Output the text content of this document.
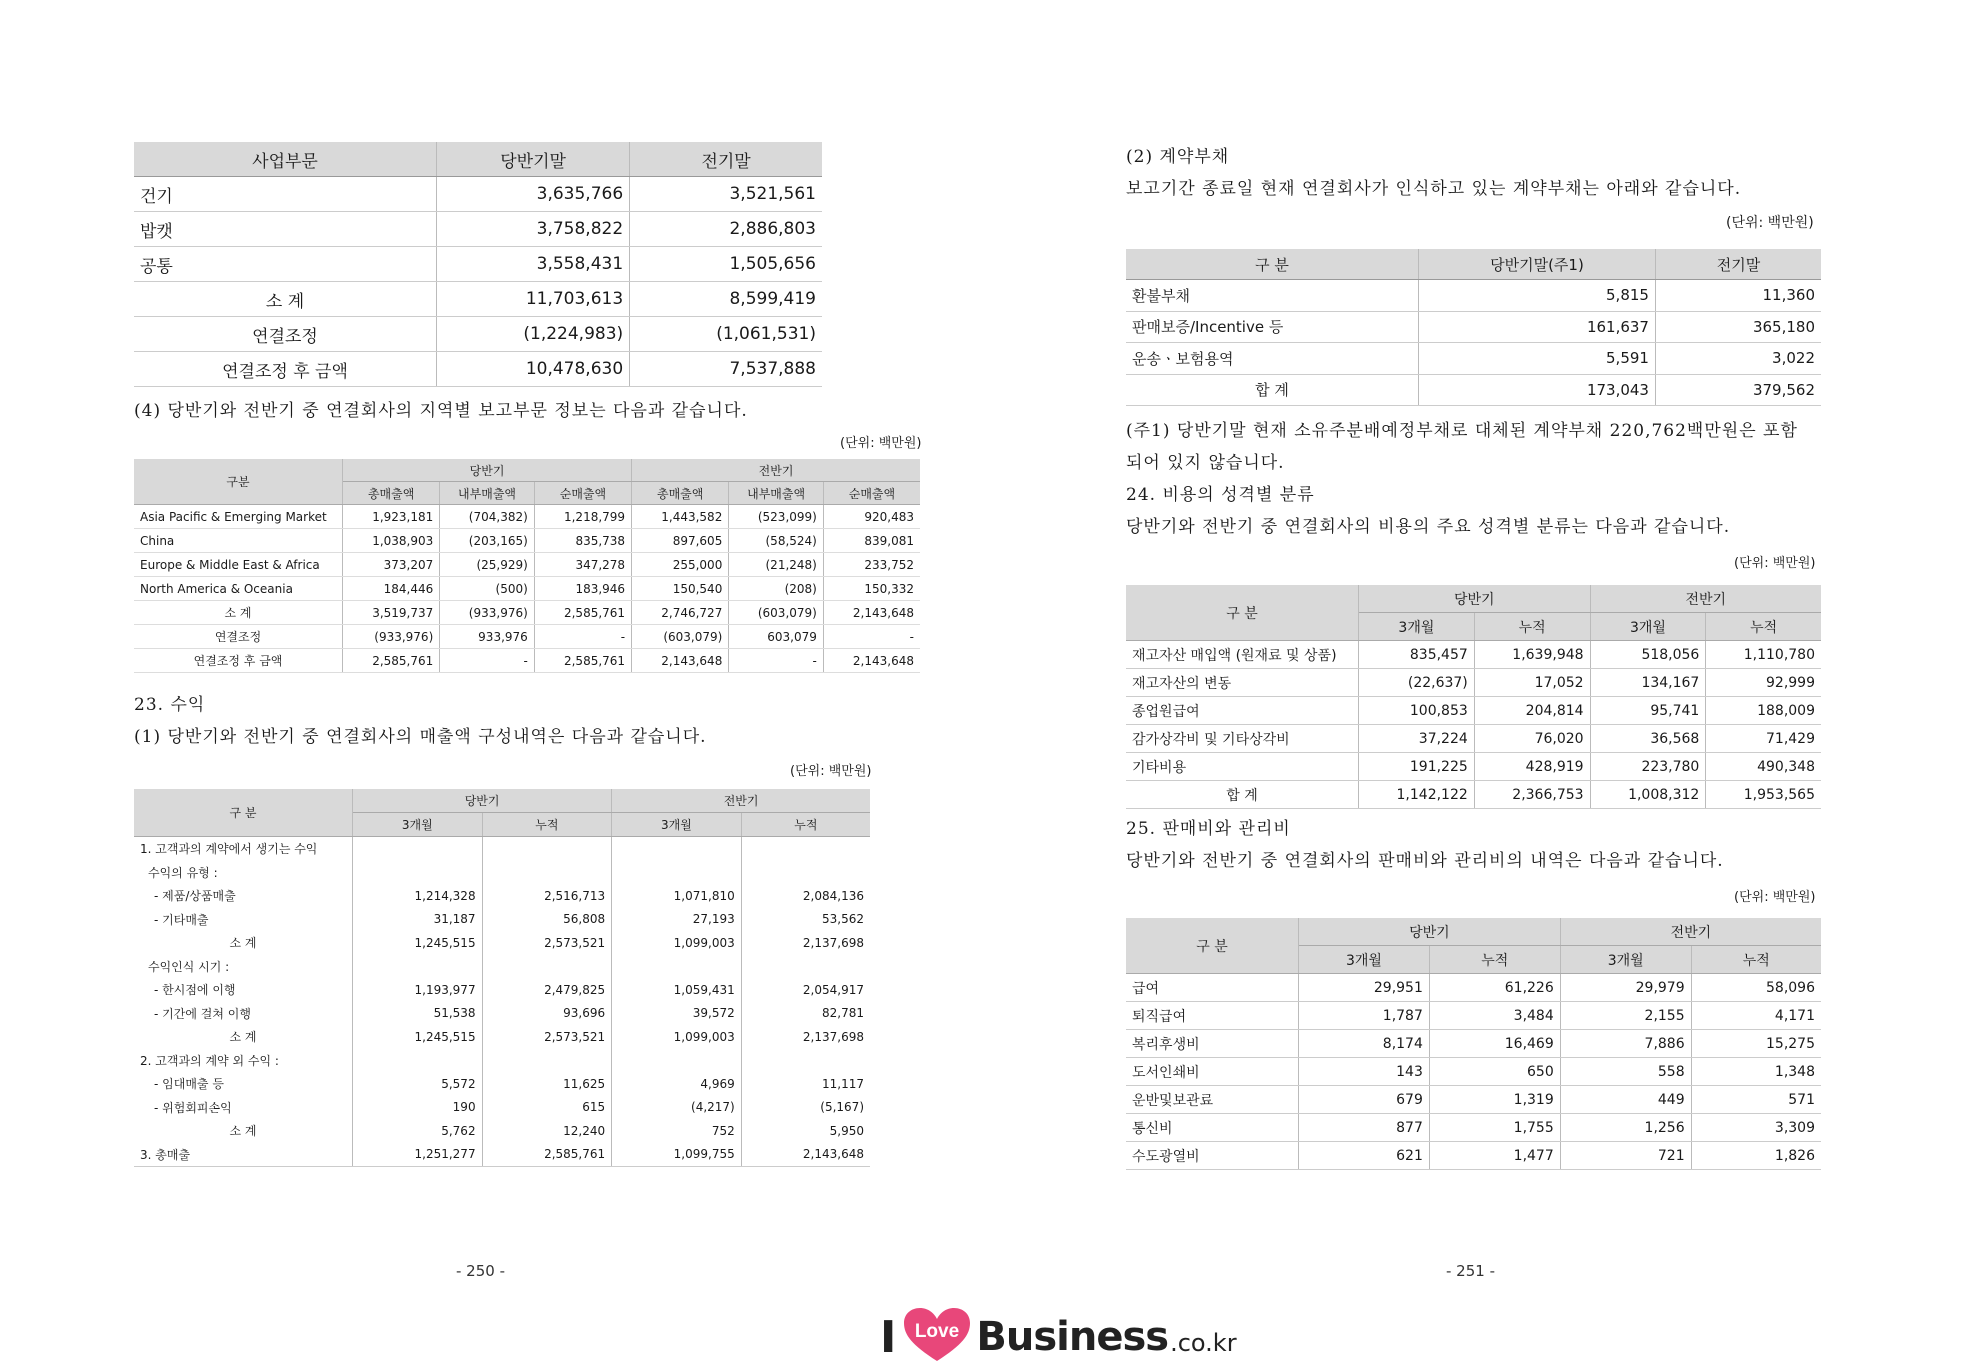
사업부문	당반기말	전기말
건기	3,635,766	3,521,561
밥캣	3,758,822	2,886,803
공통	3,558,431	1,505,656
소 계	11,703,613	8,599,419
연결조정	(1,224,983)	(1,061,531)
연결조정 후 금액	10,478,630	7,537,888
(4) 당반기와 전반기 중 연결회사의 지역별 보고부문 정보는 다음과 같습니다.
(단위: 백만원)
구분	당반기			전반기		
	총매출액	내부매출액	순매출액	총매출액	내부매출액	순매출액
Asia Pacific & Emerging Market	1,923,181	(704,382)	1,218,799	1,443,582	(523,099)	920,483
China	1,038,903	(203,165)	835,738	897,605	(58,524)	839,081
Europe & Middle East & Africa	373,207	(25,929)	347,278	255,000	(21,248)	233,752
North America & Oceania	184,446	(500)	183,946	150,540	(208)	150,332
소 계	3,519,737	(933,976)	2,585,761	2,746,727	(603,079)	2,143,648
연결조정	(933,976)	933,976	-	(603,079)	603,079	-
연결조정 후 금액	2,585,761	-	2,585,761	2,143,648	-	2,143,648
23. 수익
(1) 당반기와 전반기 중 연결회사의 매출액 구성내역은 다음과 같습니다.
(단위: 백만원)
구 분	당반기		전반기	
	3개월	누적	3개월	누적
1. 고객과의 계약에서 생기는 수익				
수익의 유형 :				
- 제품/상품매출	1,214,328	2,516,713	1,071,810	2,084,136
- 기타매출	31,187	56,808	27,193	53,562
소 계	1,245,515	2,573,521	1,099,003	2,137,698
수익인식 시기 :				
- 한시점에 이행	1,193,977	2,479,825	1,059,431	2,054,917
- 기간에 걸쳐 이행	51,538	93,696	39,572	82,781
소 계	1,245,515	2,573,521	1,099,003	2,137,698
2. 고객과의 계약 외 수익 :				
- 임대매출 등	5,572	11,625	4,969	11,117
- 위험회피손익	190	615	(4,217)	(5,167)
소 계	5,762	12,240	752	5,950
3. 총매출	1,251,277	2,585,761	1,099,755	2,143,648
- 250 -
(2) 계약부채
보고기간 종료일 현재 연결회사가 인식하고 있는 계약부채는 아래와 같습니다.
(단위: 백만원)
구 분	당반기말(주1)	전기말
환불부채	5,815	11,360
판매보증/Incentive 등	161,637	365,180
운송ㆍ보험용역	5,591	3,022
합 계	173,043	379,562
(주1) 당반기말 현재 소유주분배예정부채로 대체된 계약부채 220,762백만원은 포함
되어 있지 않습니다.
24. 비용의 성격별 분류
당반기와 전반기 중 연결회사의 비용의 주요 성격별 분류는 다음과 같습니다.
(단위: 백만원)
구 분	당반기		전반기	
	3개월	누적	3개월	누적
재고자산 매입액 (원재료 및 상품)	835,457	1,639,948	518,056	1,110,780
재고자산의 변동	(22,637)	17,052	134,167	92,999
종업원급여	100,853	204,814	95,741	188,009
감가상각비 및 기타상각비	37,224	76,020	36,568	71,429
기타비용	191,225	428,919	223,780	490,348
합 계	1,142,122	2,366,753	1,008,312	1,953,565
25. 판매비와 관리비
당반기와 전반기 중 연결회사의 판매비와 관리비의 내역은 다음과 같습니다.
(단위: 백만원)
구 분	당반기		전반기	
	3개월	누적	3개월	누적
급여	29,951	61,226	29,979	58,096
퇴직급여	1,787	3,484	2,155	4,171
복리후생비	8,174	16,469	7,886	15,275
도서인쇄비	143	650	558	1,348
운반및보관료	679	1,319	449	571
통신비	877	1,755	1,256	3,309
수도광열비	621	1,477	721	1,826
- 251 -
I Love Business .co.kr
